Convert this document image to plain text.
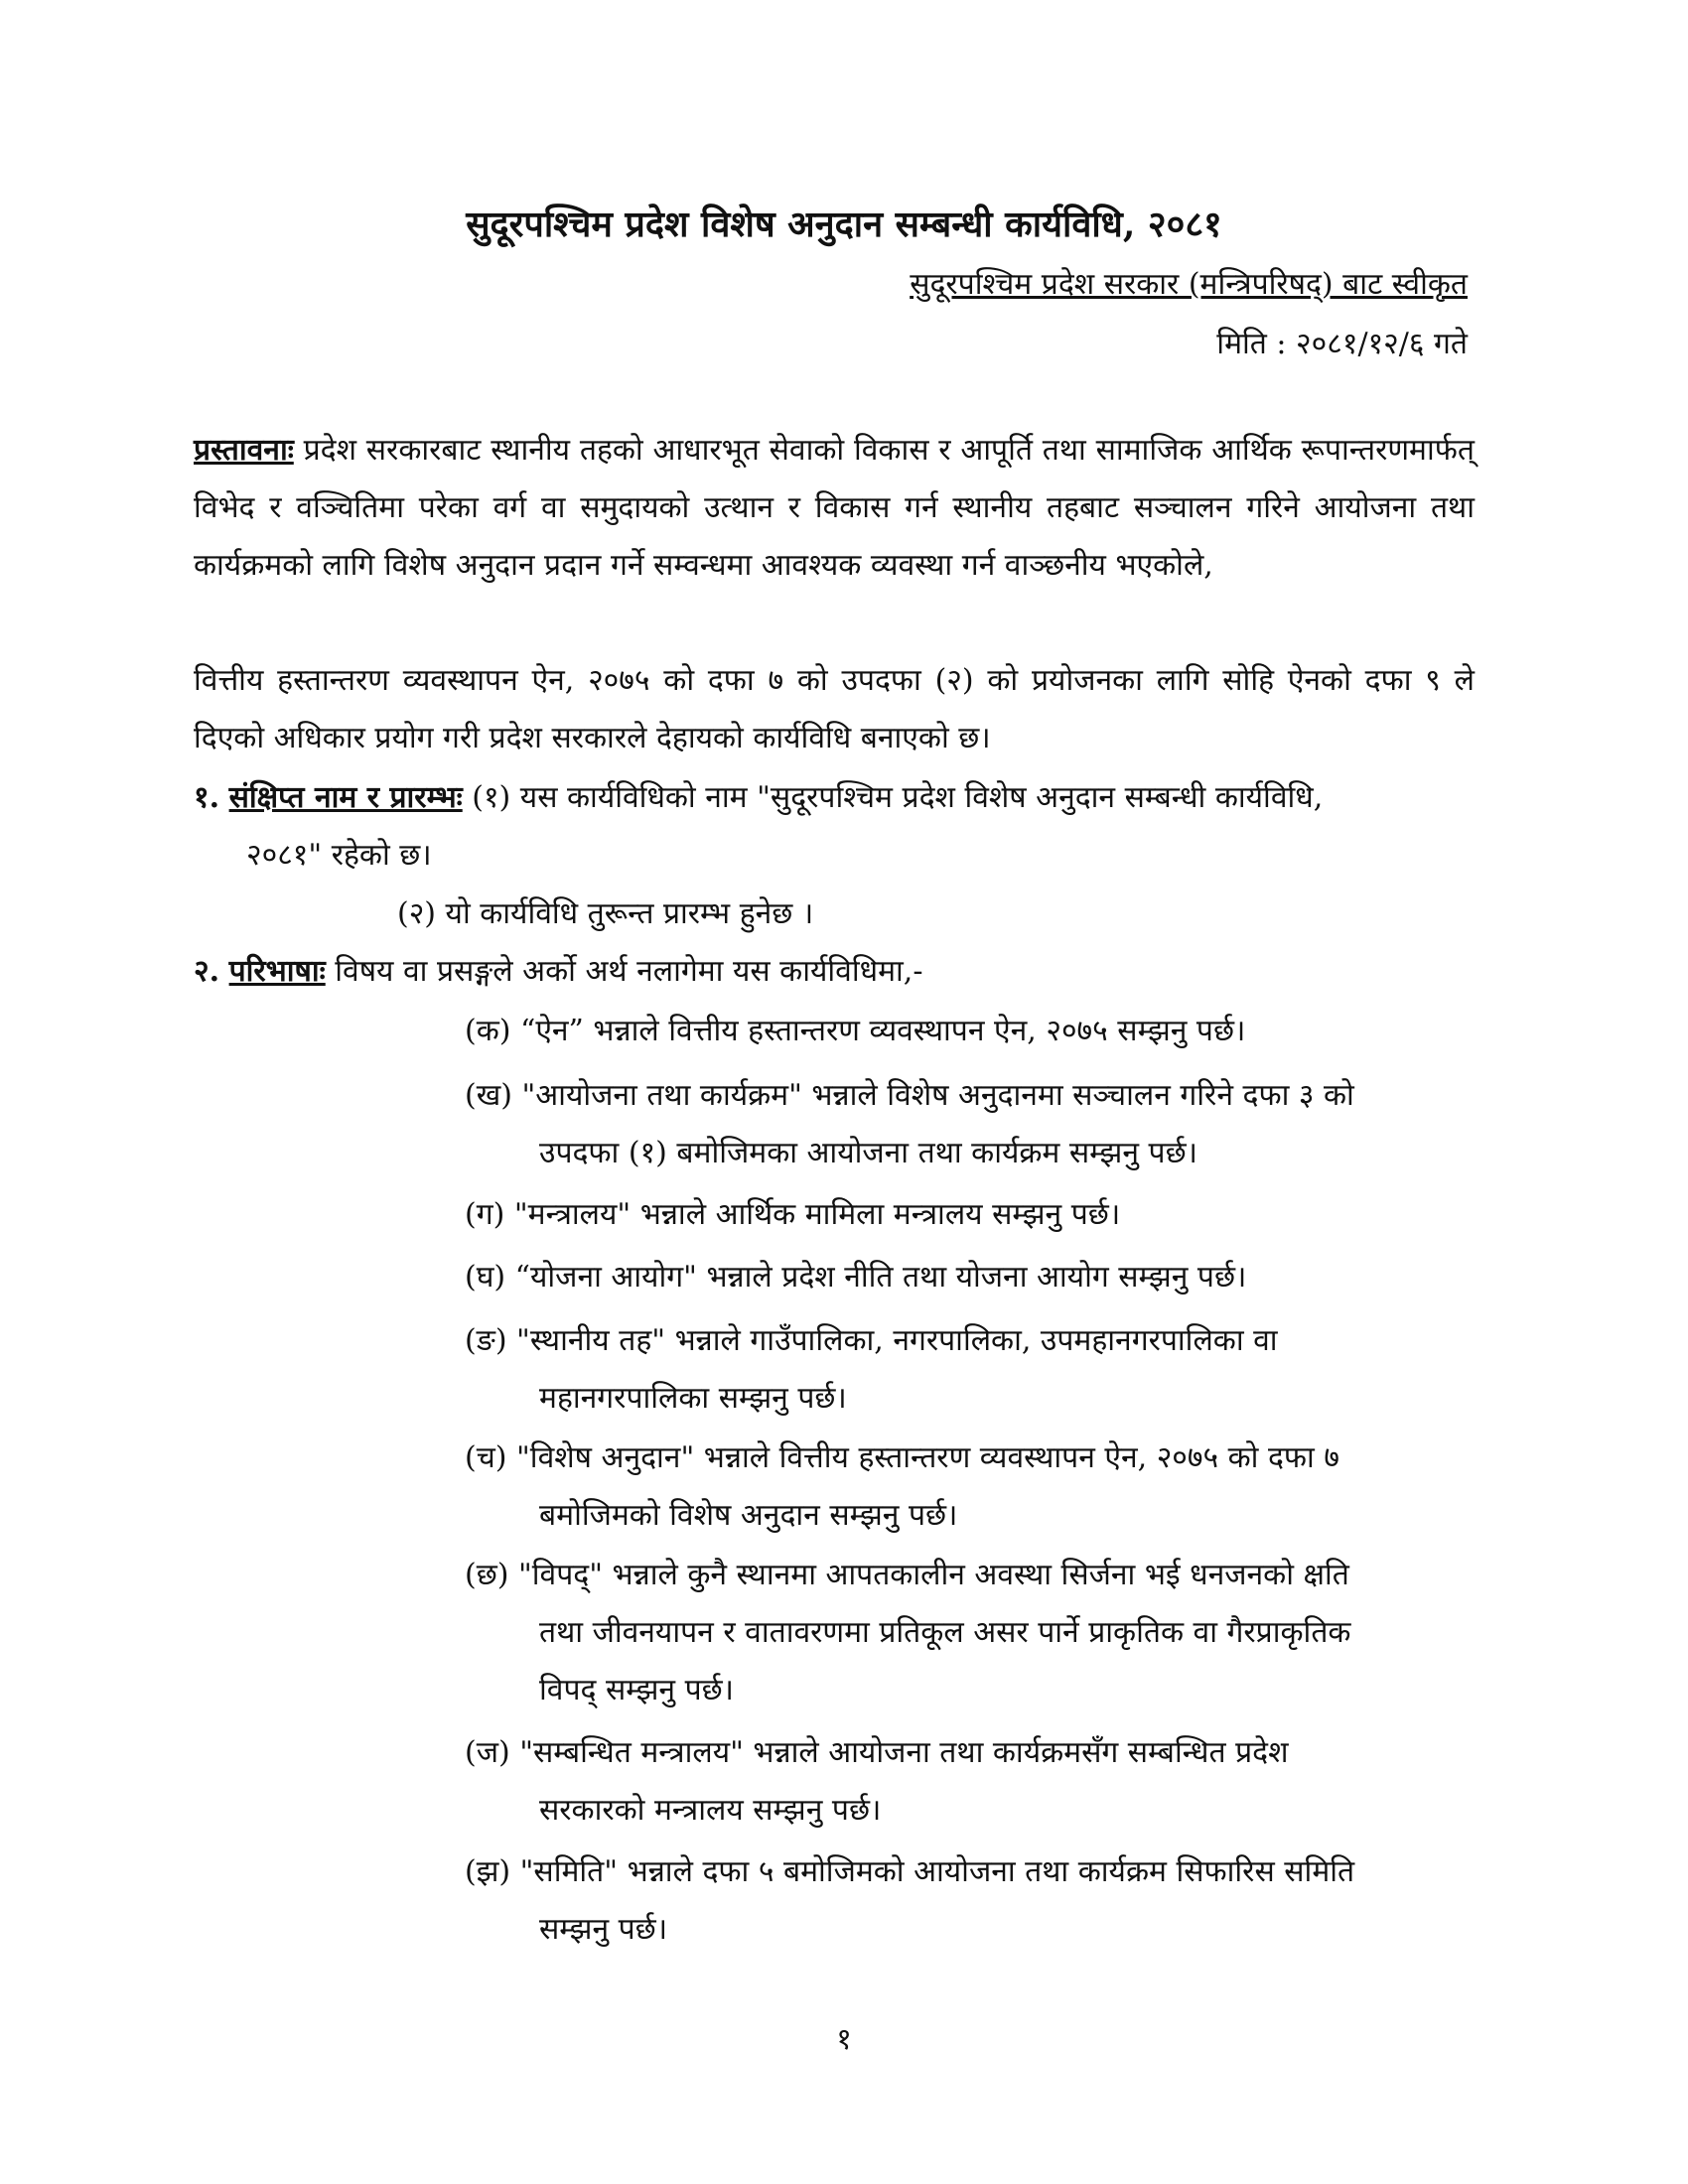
सुदूरपश्चिम प्रदेश विशेष अनुदान सम्बन्धी कार्यविधि, २०८१
सुदूरपश्चिम प्रदेश सरकार (मन्त्रिपरिषद्) बाट स्वीकृत
मिति : २०८१/१२/६ गते
प्रस्तावनाः प्रदेश सरकारबाट स्थानीय तहको आधारभूत सेवाको विकास र आपूर्ति तथा सामाजिक आर्थिक रूपान्तरणमार्फत् विभेद र वञ्चितिमा परेका वर्ग वा समुदायको उत्थान र विकास गर्न स्थानीय तहबाट सञ्चालन गरिने आयोजना तथा कार्यक्रमको लागि विशेष अनुदान प्रदान गर्ने सम्वन्धमा आवश्यक व्यवस्था गर्न वाञ्छनीय भएकोले,
वित्तीय हस्तान्तरण व्यवस्थापन ऐन, २०७५ को दफा ७ को उपदफा (२) को प्रयोजनका लागि सोहि ऐनको दफा ९ ले दिएको अधिकार प्रयोग गरी प्रदेश सरकारले देहायको कार्यविधि बनाएको छ।
१. संक्षिप्त नाम र प्रारम्भः (१) यस कार्यविधिको नाम "सुदूरपश्चिम प्रदेश विशेष अनुदान सम्बन्धी कार्यविधि,
२०८१" रहेको छ।
(२) यो कार्यविधि तुरून्त प्रारम्भ हुनेछ ।
२. परिभाषाः विषय वा प्रसङ्गले अर्को अर्थ नलागेमा यस कार्यविधिमा,-
(क) “ऐन” भन्नाले वित्तीय हस्तान्तरण व्यवस्थापन ऐन, २०७५ सम्झनु पर्छ।
(ख) "आयोजना तथा कार्यक्रम" भन्नाले विशेष अनुदानमा सञ्चालन गरिने दफा ३ को
उपदफा (१) बमोजिमका आयोजना तथा कार्यक्रम सम्झनु पर्छ।
(ग) "मन्त्रालय" भन्नाले आर्थिक मामिला मन्त्रालय सम्झनु पर्छ।
(घ) “योजना आयोग" भन्नाले प्रदेश नीति तथा योजना आयोग सम्झनु पर्छ।
(ङ) "स्थानीय तह" भन्नाले गाउँपालिका, नगरपालिका, उपमहानगरपालिका वा
महानगरपालिका सम्झनु पर्छ।
(च) "विशेष अनुदान" भन्नाले वित्तीय हस्तान्तरण व्यवस्थापन ऐन, २०७५ को दफा ७
बमोजिमको विशेष अनुदान सम्झनु पर्छ।
(छ) "विपद्" भन्नाले कुनै स्थानमा आपतकालीन अवस्था सिर्जना भई धनजनको क्षति
तथा जीवनयापन र वातावरणमा प्रतिकूल असर पार्ने प्राकृतिक वा गैरप्राकृतिक
विपद् सम्झनु पर्छ।
(ज) "सम्बन्धित मन्त्रालय" भन्नाले आयोजना तथा कार्यक्रमसँग सम्बन्धित प्रदेश
सरकारको मन्त्रालय सम्झनु पर्छ।
(झ) "समिति" भन्नाले दफा ५ बमोजिमको आयोजना तथा कार्यक्रम सिफारिस समिति
सम्झनु पर्छ।
१
